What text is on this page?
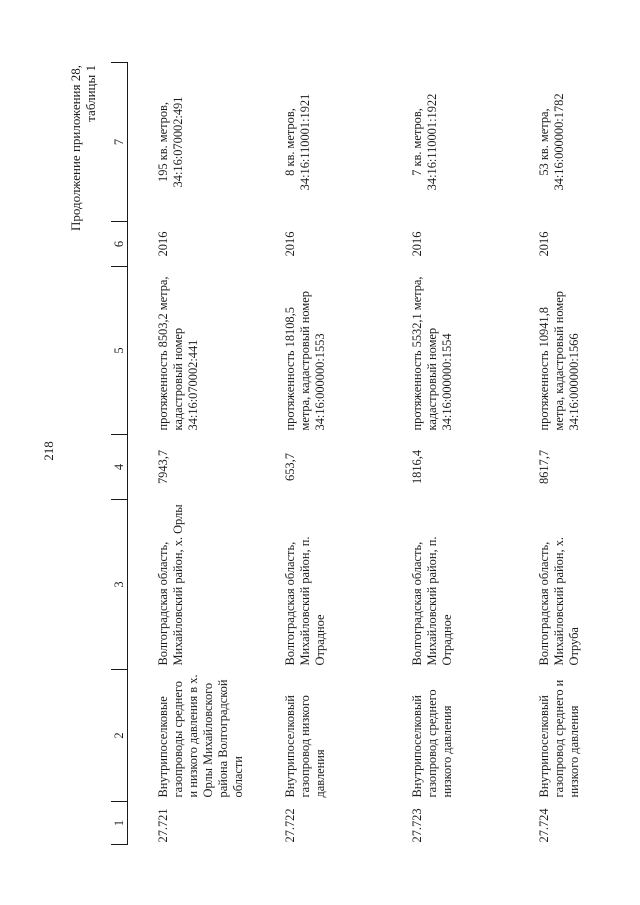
218
Продолжение приложения 28, таблицы 1
1	2	3	4	5	6	7
27.721	Внутрипоселковые газопроводы среднего и низкого давления в х. Орлы Михайловского района Волгоградской области	Волгоградская область, Михайловский район, х. Орлы	7943,7	протяженность 8503,2 метра, кадастровый номер 34:16:070002:441	2016	195 кв. метров, 34:16:070002:491
27.722	Внутрипоселковый газопровод низкого давления	Волгоградская область, Михайловский район, п. Отрадное	653,7	протяженность 18108,5 метра, кадастровый номер 34:16:000000:1553	2016	8 кв. метров, 34:16:110001:1921
27.723	Внутрипоселковый газопровод среднего низкого давления	Волгоградская область, Михайловский район, п. Отрадное	1816,4	протяженность 5532,1 метра, кадастровый номер 34:16:000000:1554	2016	7 кв. метров, 34:16:110001:1922
27.724	Внутрипоселковый газопровод среднего и низкого давления	Волгоградская область, Михайловский район, х. Отруба	8617,7	протяженность 10941,8 метра, кадастровый номер 34:16:000000:1566	2016	53 кв. метра, 34:16:000000:1782
